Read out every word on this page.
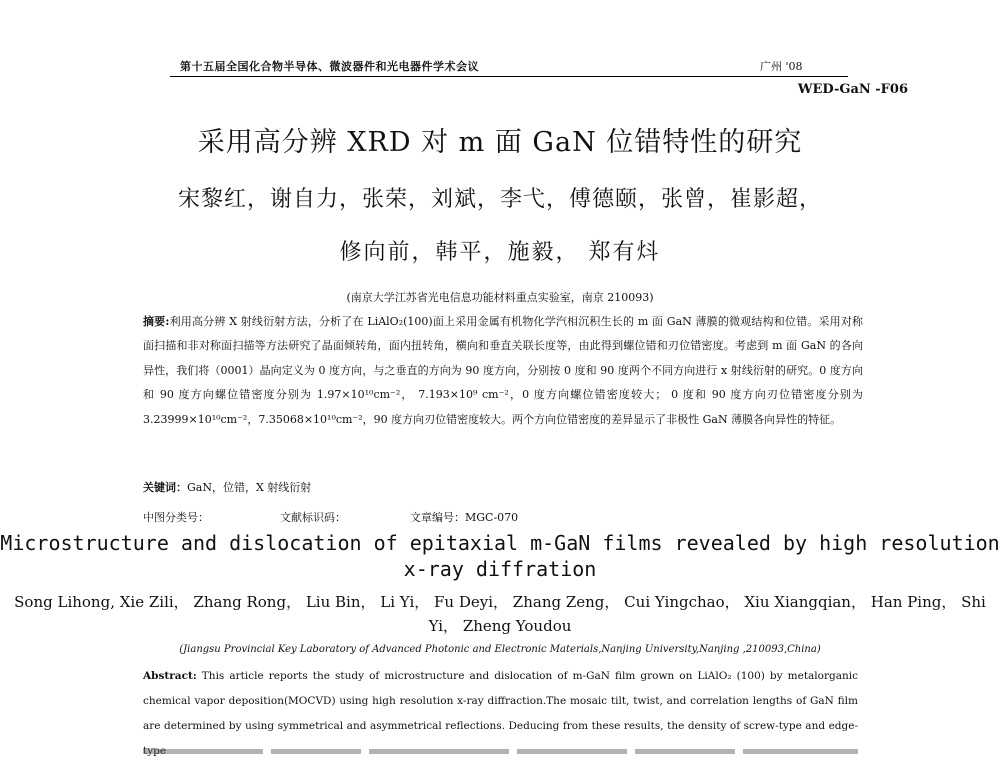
第十五届全国化合物半导体、微波器件和光电器件学术会议	广州 '08
WED-GaN -F06
采用高分辨 XRD 对 m 面 GaN 位错特性的研究
宋黎红，谢自力，张荣，刘斌，李弋，傅德颐，张曾，崔影超，
修向前，韩平，施毅， 郑有炓
(南京大学江苏省光电信息功能材料重点实验室，南京 210093)
摘要:利用高分辨 X 射线衍射方法，分析了在 LiAlO₂(100)面上采用金属有机物化学汽相沉积生长的 m 面 GaN 薄膜的微观结构和位错。采用对称面扫描和非对称面扫描等方法研究了晶面倾转角，面内扭转角，横向和垂直关联长度等，由此得到螺位错和刃位错密度。考虑到 m 面 GaN 的各向异性，我们将（0001）晶向定义为 0 度方向，与之垂直的方向为 90 度方向，分别按 0 度和 90 度两个不同方向进行 x 射线衍射的研究。0 度方向和 90 度方向螺位错密度分别为 1.97×10¹⁰cm⁻²， 7.193×10⁹ cm⁻²，0 度方向螺位错密度较大； 0 度和 90 度方向刃位错密度分别为 3.23999×10¹⁰cm⁻²，7.35068×10¹⁰cm⁻²，90 度方向刃位错密度较大。两个方向位错密度的差异显示了非极性 GaN 薄膜各向异性的特征。
关键词：GaN，位错，X 射线衍射
中图分类号：	文献标识码：	文章编号：MGC-070
Microstructure and dislocation of epitaxial m-GaN films revealed by high resolution x-ray diffration
Song Lihong, Xie Zili， Zhang Rong， Liu Bin， Li Yi， Fu Deyi， Zhang Zeng， Cui Yingchao， Xiu Xiangqian， Han Ping， Shi Yi， Zheng Youdou
(Jiangsu Provincial Key Laboratory of Advanced Photonic and Electronic Materials,Nanjing University,Nanjing ,210093,China)
Abstract: This article reports the study of microstructure and dislocation of m-GaN film grown on LiAlO₂ (100) by metalorganic chemical vapor deposition(MOCVD) using high resolution x-ray diffraction.The mosaic tilt, twist, and correlation lengths of GaN film are determined by using symmetrical and asymmetrical reflections. Deducing from these results, the density of screw-type and edge-type
